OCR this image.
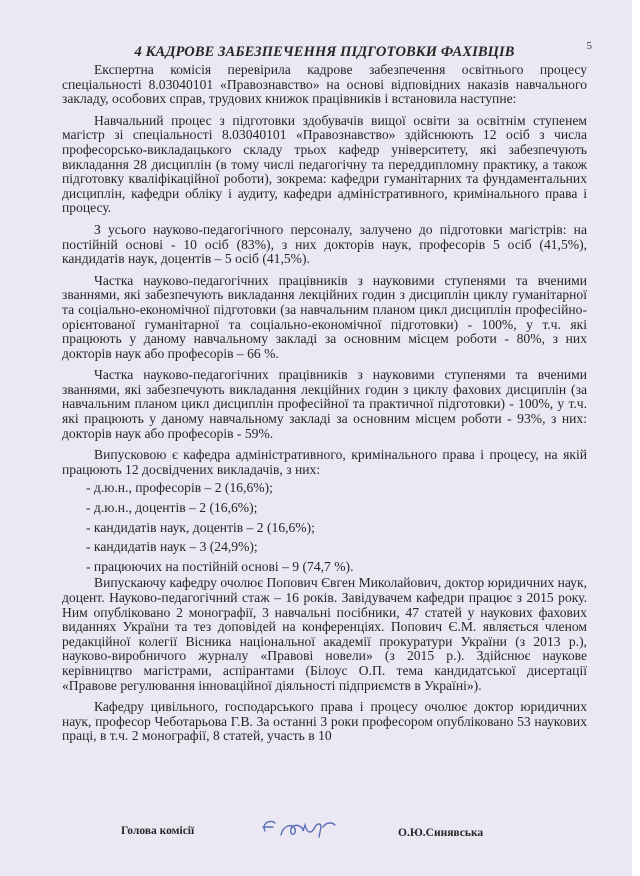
5
4 КАДРОВЕ ЗАБЕЗПЕЧЕННЯ ПІДГОТОВКИ ФАХІВЦІВ

Експертна комісія перевірила кадрове забезпечення освітнього процесу спеціальності 8.03040101 «Правознавство» на основі відповідних наказів навчального закладу, особових справ, трудових книжок працівників і встановила наступне:

Навчальний процес з підготовки здобувачів вищої освіти за освітнім ступенем магістр зі спеціальності 8.03040101 «Правознавство» здійснюють 12 осіб з числа професорсько-викладацького складу трьох кафедр університету, які забезпечують викладання 28 дисциплін (в тому числі педагогічну та переддипломну практику, а також підготовку кваліфікаційної роботи), зокрема: кафедри гуманітарних та фундаментальних дисциплін, кафедри обліку і аудиту, кафедри адміністративного, кримінального права і процесу.

З усього науково-педагогічного персоналу, залучено до підготовки магістрів: на постійній основі - 10 осіб (83%), з них докторів наук, професорів 5 осіб (41,5%), кандидатів наук, доцентів – 5 осіб (41,5%).

Частка науково-педагогічних працівників з науковими ступенями та вченими званнями, які забезпечують викладання лекційних годин з дисциплін циклу гуманітарної та соціально-економічної підготовки (за навчальним планом цикл дисциплін професійно-орієнтованої гуманітарної та соціально-економічної підготовки) - 100%, у т.ч. які працюють у даному навчальному закладі за основним місцем роботи - 80%, з них докторів наук або професорів – 66 %.

Частка науково-педагогічних працівників з науковими ступенями та вченими званнями, які забезпечують викладання лекційних годин з циклу фахових дисциплін (за навчальним планом цикл дисциплін професійної та практичної підготовки) - 100%, у т.ч. які працюють у даному навчальному закладі за основним місцем роботи - 93%, з них: докторів наук або професорів - 59%.

Випусковою є кафедра адміністративного, кримінального права і процесу, на якій працюють 12 досвідчених викладачів, з них:

- д.ю.н., професорів – 2 (16,6%);
- д.ю.н., доцентів – 2 (16,6%);
- кандидатів наук, доцентів – 2 (16,6%);
- кандидатів наук – 3 (24,9%);
- працюючих на постійній основі – 9 (74,7 %).

Випускаючу кафедру очолює Попович Євген Миколайович, доктор юридичних наук, доцент. Науково-педагогічний стаж – 16 років. Завідувачем кафедри працює з 2015 року. Ним опубліковано 2 монографії, 3 навчальні посібники, 47 статей у наукових фахових виданнях України та тез доповідей на конференціях. Попович Є.М. являється членом редакційної колегії Вісника національної академії прокуратури України (з 2013 р.), науково-виробничого журналу «Правові новели» (з 2015 р.). Здійснює наукове керівництво магістрами, аспірантами (Білоус О.П. тема кандидатської дисертації «Правове регулювання інноваційної діяльності підприємств в Україні»).

Кафедру цивільного, господарського права і процесу очолює доктор юридичних наук, професор Чеботарьова Г.В. За останні 3 роки професором опубліковано 53 наукових праці, в т.ч. 2 монографії, 8 статей, участь в 10

Голова комісії	О.Ю.Синявська
